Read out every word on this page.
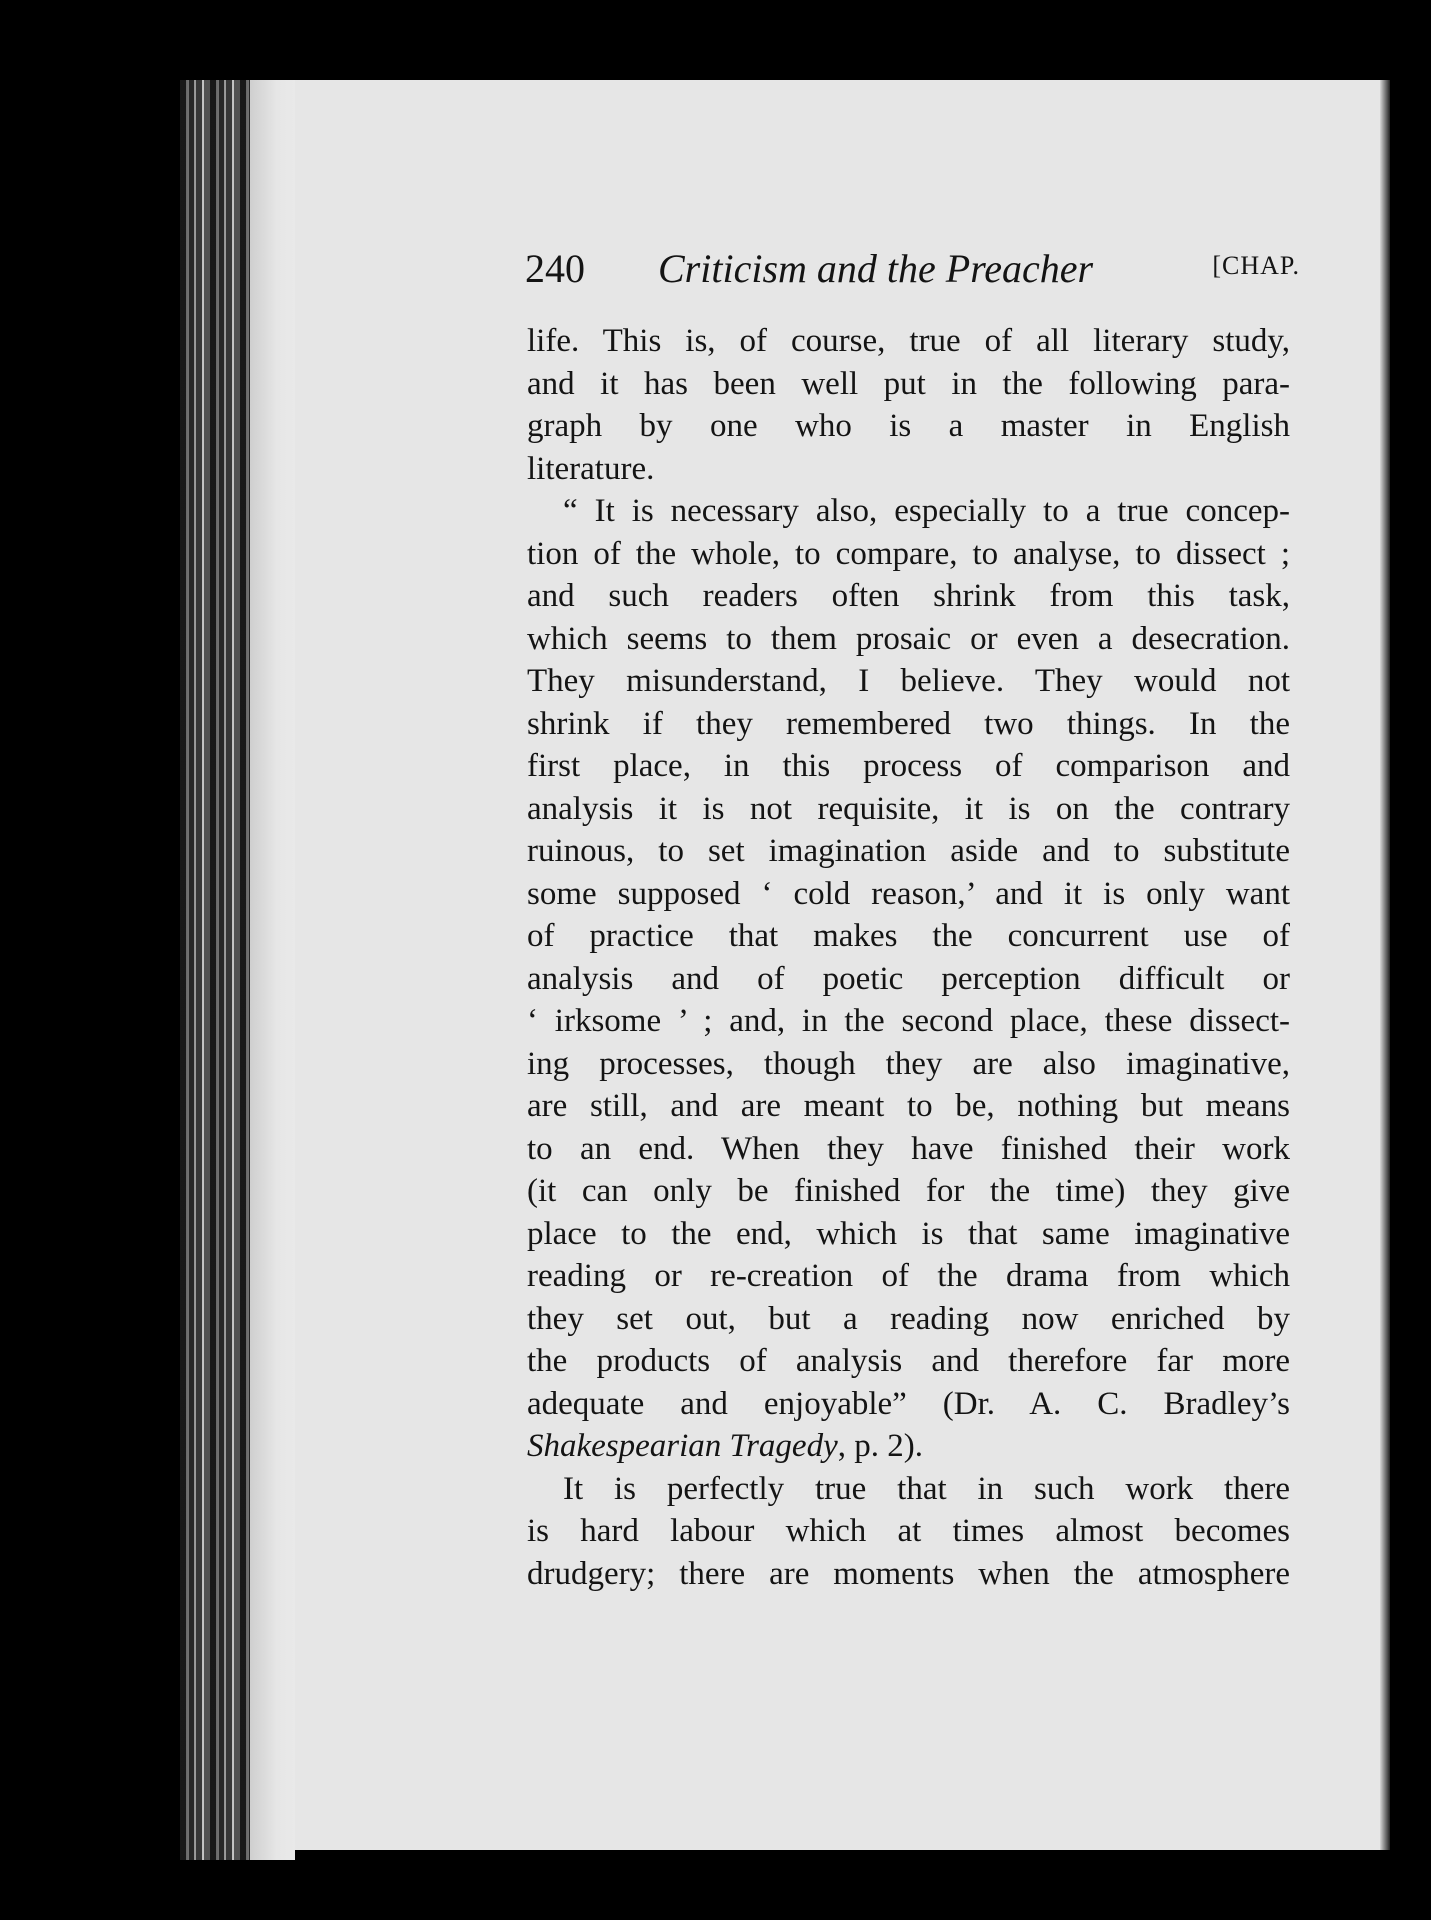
240 Criticism and the Preacher	[CHAP.
life. This is, of course, true of all literary study,
and it has been well put in the following para-
graph by one who is a master in English
literature.
“ It is necessary also, especially to a true concep-
tion of the whole, to compare, to analyse, to dissect ;
and such readers often shrink from this task,
which seems to them prosaic or even a desecration.
They misunderstand, I believe. They would not
shrink if they remembered two things. In the
first place, in this process of comparison and
analysis it is not requisite, it is on the contrary
ruinous, to set imagination aside and to substitute
some supposed ‘ cold reason,’ and it is only want
of practice that makes the concurrent use of
analysis and of poetic perception difficult or
‘ irksome ’ ; and, in the second place, these dissect-
ing processes, though they are also imaginative,
are still, and are meant to be, nothing but means
to an end. When they have finished their work
(it can only be finished for the time) they give
place to the end, which is that same imaginative
reading or re-creation of the drama from which
they set out, but a reading now enriched by
the products of analysis and therefore far more
adequate and enjoyable” (Dr. A. C. Bradley’s
Shakespearian Tragedy, p. 2).
It is perfectly true that in such work there
is hard labour which at times almost becomes
drudgery; there are moments when the atmosphere
